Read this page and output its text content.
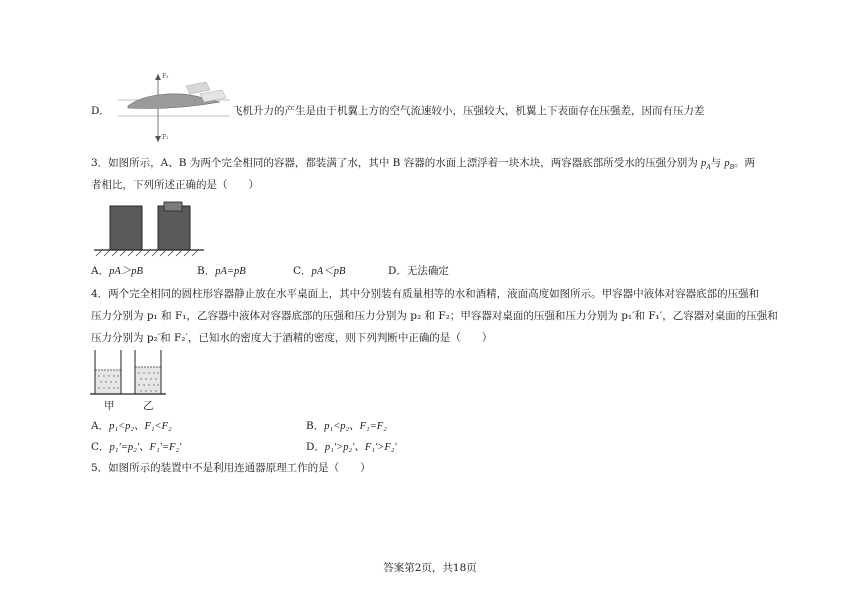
F₂
F₁
D．	飞机升力的产生是由于机翼上方的空气流速较小，压强较大，机翼上下表面存在压强差，因而有压力差
3．如图所示，A、B 为两个完全相同的容器，都装满了水，其中 B 容器的水面上漂浮着一块木块，两容器底部所受水的压强分别为 $p_A$与 $p_B$。两
者相比，下列所述正确的是（　　）
A．pA＞pB	B．pA=pB	C．pA＜pB	D．无法确定
4．两个完全相同的圆柱形容器静止放在水平桌面上，其中分别装有质量相等的水和酒精，液面高度如图所示。甲容器中液体对容器底部的压强和
压力分别为 p₁ 和 F₁，乙容器中液体对容器底部的压强和压力分别为 p₂ 和 F₂；甲容器对桌面的压强和压力分别为 p₁′和 F₁′，乙容器对桌面的压强和
压力分别为 p₂′和 F₂′，已知水的密度大于酒精的密度，则下列判断中正确的是（　　）
甲	乙
A．p₁<p₂、F₁<F₂	B．p₁<p₂、F₁=F₂
C．p₁′=p₂′、F₁′=F₂′	D．p₁′>p₂′、F₁′>F₂′
5．如图所示的装置中不是利用连通器原理工作的是（　　）
答案第2页，共18页
